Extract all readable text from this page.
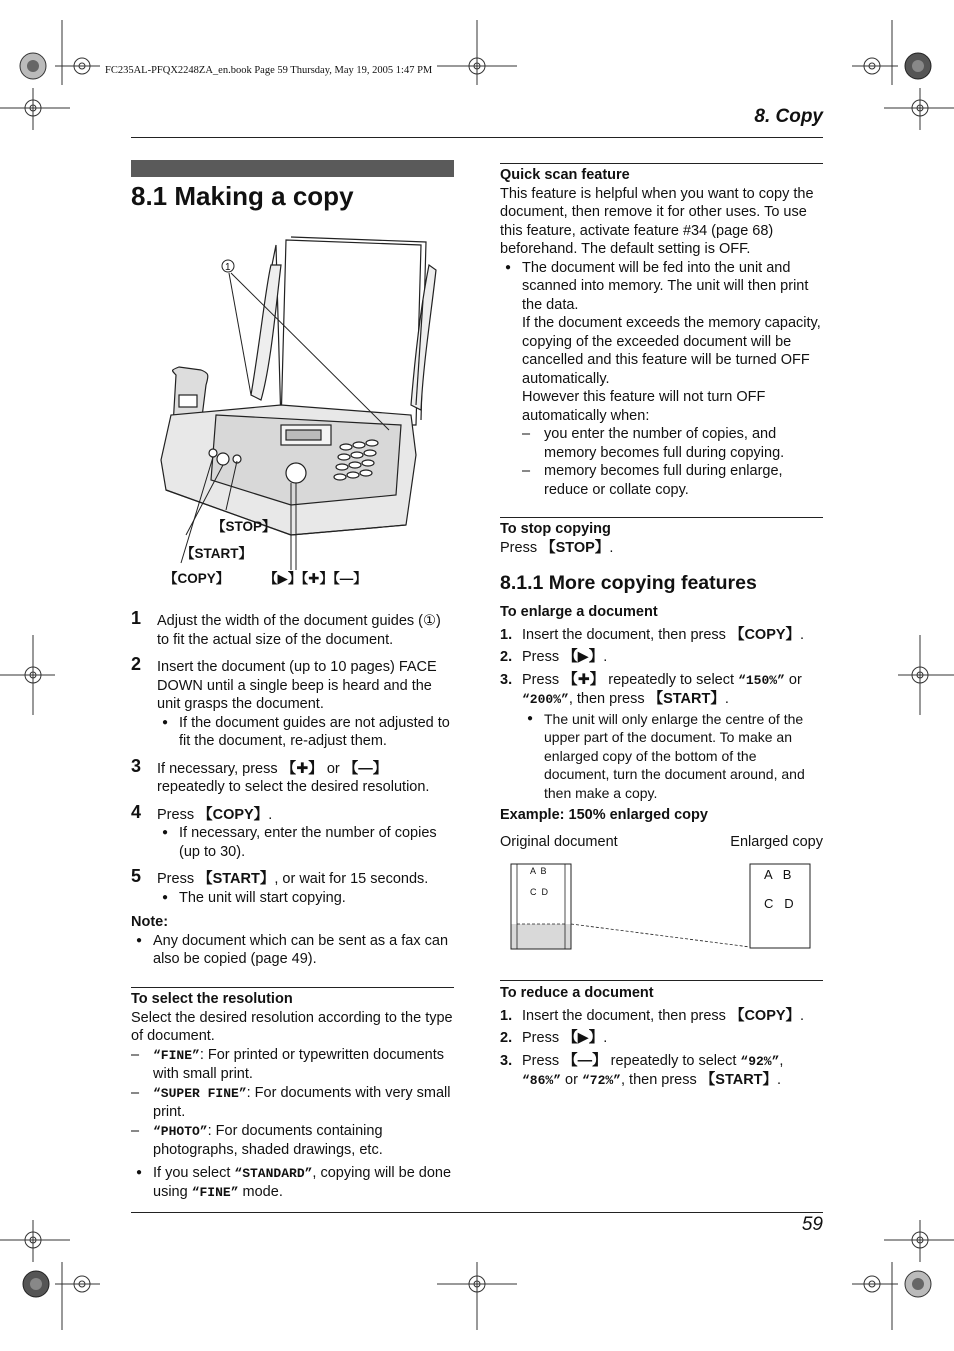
FC235AL-PFQX2248ZA_en.book Page 59 Thursday, May 19, 2005 1:47 PM
8. Copy
8.1 Making a copy
1
【STOP】
【START】
【COPY】	【▶】【✚】【—】
1 Adjust the width of the document guides (①) to fit the actual size of the document.

2 Insert the document (up to 10 pages) FACE DOWN until a single beep is heard and the unit grasps the document.

● If the document guides are not adjusted to fit the document, re-adjust them.

3 If necessary, press 【✚】 or 【—】 repeatedly to select the desired resolution.

4 Press 【COPY】.

● If necessary, enter the number of copies (up to 30).

5 Press 【START】, or wait for 15 seconds.

● The unit will start copying.

Note:

● Any document which can be sent as a fax can also be copied (page 49).

To select the resolution

Select the desired resolution according to the type of document.

– “FINE”: For printed or typewritten documents with small print.
– “SUPER FINE”: For documents with very small print.
– “PHOTO”: For documents containing photographs, shaded drawings, etc.

● If you select “STANDARD”, copying will be done using “FINE” mode.

Quick scan feature

This feature is helpful when you want to copy the document, then remove it for other uses. To use this feature, activate feature #34 (page 68) beforehand. The default setting is OFF.

● The document will be fed into the unit and scanned into memory. The unit will then print the data.

If the document exceeds the memory capacity, copying of the exceeded document will be cancelled and this feature will be turned OFF automatically.

However this feature will not turn OFF automatically when:

– you enter the number of copies, and memory becomes full during copying.

– memory becomes full during enlarge, reduce or collate copy.

To stop copying

Press 【STOP】.

8.1.1 More copying features

To enlarge a document

1. Insert the document, then press 【COPY】.
2. Press 【▶】.
3. Press 【✚】 repeatedly to select “150%” or “200%”, then press 【START】.

● The unit will only enlarge the centre of the upper part of the document. To make an enlarged copy of the bottom of the document, turn the document around, and then make a copy.

Example: 150% enlarged copy

Original document	Enlarged copy
A  B
C  D
A   B
C   D

To reduce a document

1. Insert the document, then press 【COPY】.
2. Press 【▶】.
3. Press 【—】 repeatedly to select “92%”, “86%” or “72%”, then press 【START】.
59
